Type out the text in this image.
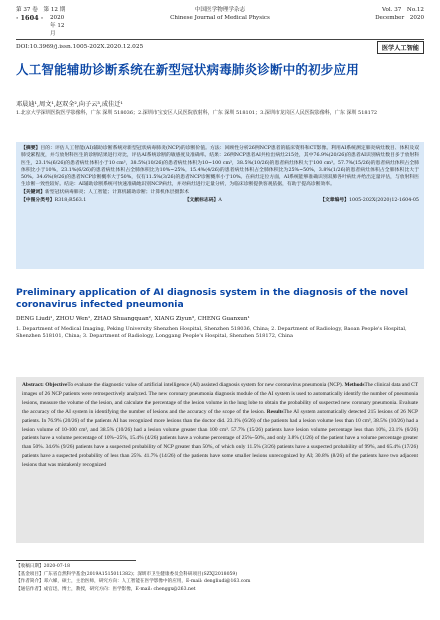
第 37 卷　第 12 期
· 1604 ·	2020 年 12 月
中国医学物理学杂志
Chinese Journal of Medical Physics
Vol. 37　No.12
December　2020
DOI:10.3969/j.issn.1005-202X.2020.12.025	医学人工智能
人工智能辅助诊断系统在新型冠状病毒肺炎诊断中的初步应用
邓晨迪¹,周文¹,赵双全²,向子云³,成佳迁¹
1.北京大学深圳医院医学影像科，广东 深圳 518036；2.深圳市宝安区人民医院放射科，广东 深圳 518101；3.深圳市龙岗区人民医院影像科，广东 深圳 518172
【摘要】目的：评估人工智能(AI)辅助诊断系统对新型冠状病毒肺炎(NCP)的诊断价值。方法：回顾性分析26例NCP患者的临床资料和CT影像。利用AI系统测定肺炎病灶数目、体积及双肺受累程度，并与放射科医生的诊断结果进行对比，评估AI系统诊断的敏感度及准确率。结果：26例NCP患者AI共检出病灶215处，其中76.9%(20/26)的患者AI识别病灶数目多于放射科医生，23.1%(6/26)的患者病灶体积小于10 cm³，38.5%(10/26)的患者病灶体积为10~100 cm³，38.5%(10/26)的患者病灶体积大于100 cm³。57.7%(15/26)的患者病灶体积占全肺体积比小于10%，23.1%(6/26)的患者病灶体积占全肺体积比为10%~25%，15.4%(4/26)的患者病灶体积占全肺体积比为25%~50%，3.8%(1/26)的患者病灶体积占全肺体积比大于50%。34.6%(9/26)的患者NCP诊断概率大于50%，仅有11.5%(3/26)的患者NCP诊断概率小于10%。在病灶定位方面，AI系统能够准确识别双肺各叶病灶并给出定量评估，与放射科医生诊断一致性较好。结论：AI辅助诊断系统可快速准确地识别NCP病灶，并对病灶进行定量分析，为临床诊断提供客观依据，有助于提高诊断效率。
【关键词】新型冠状病毒肺炎；人工智能；计算机辅助诊断；计算机体层摄影术
【中图分类号】R318;R563.1	【文献标志码】A	【文章编号】1005-202X(2020)12-1604-05
Preliminary application of AI diagnosis system in the diagnosis of the novel coronavirus infected pneumonia
DENG Liudi¹, ZHOU Wen¹, ZHAO Shuangquan², XIANG Ziyun³, CHENG Guanxun¹
1. Department of Medical Imaging, Peking University Shenzhen Hospital, Shenzhen 518036, China; 2. Department of Radiology, Baoan People's Hospital, Shenzhen 518101, China; 3. Department of Radiology, Longgang People's Hospital, Shenzhen 518172, China
Abstract: ObjectiveTo evaluate the diagnostic value of artificial intelligence (AI) assisted diagnosis system for new coronavirus pneumonia (NCP). MethodsThe clinical data and CT images of 26 NCP patients were retrospectively analyzed. The new coronary pneumonia diagnosis module of the AI system is used to automatically identify the number of pneumonia lesions, measure the volume of the lesion, and calculate the percentage of the lesion volume in the lung lobe to obtain the probability of suspected new coronary pneumonia. Evaluate the accuracy of the AI system in identifying the number of lesions and the accuracy of the scope of the lesion. ResultsThe AI system automatically detected 215 lesions of 26 NCP patients. In 76.9% (20/26) of the patients AI has recognized more lesions than the doctor did. 23.1% (6/26) of the patients had a lesion volume less than 10 cm³, 38.5% (10/26) had a lesion volume of 10-100 cm³, and 38.5% (10/26) had a lesion volume greater than 100 cm³. 57.7% (15/26) patients have lesion volume percentage less than 10%, 23.1% (6/26) patients have a volume percentage of 10%~25%, 15.4% (4/26) patients have a volume percentage of 25%~50%, and only 3.8% (1/26) of the patient have a volume percentage greater than 50%. 34.6% (9/26) patients have a suspected probability of NCP greater than 50%, of which only 11.5% (3/26) patients have a suspected probability of 99%, and 65.4% (17/26) patients have a suspected probability of less than 25%. 41.7% (14/26) of the patients have some smaller lesions unrecognized by AI; 30.8% (8/26) of the patients have two adjacent lesions that was mistakenly recognized
【收稿日期】2020-07-18
【基金项目】广东省自然科学基金(2019A1515011382)；深圳市卫生健康委员会科研项目(SZXJ2018059)
【作者简介】邓六娣，硕士，主治医师，研究方向：人工智能在医学影像中的应用，E-mail: dengliudi@163.com
【通信作者】成官迅，博士，教授，研究方向：医学影像，E-mail: chenggx@263.net
